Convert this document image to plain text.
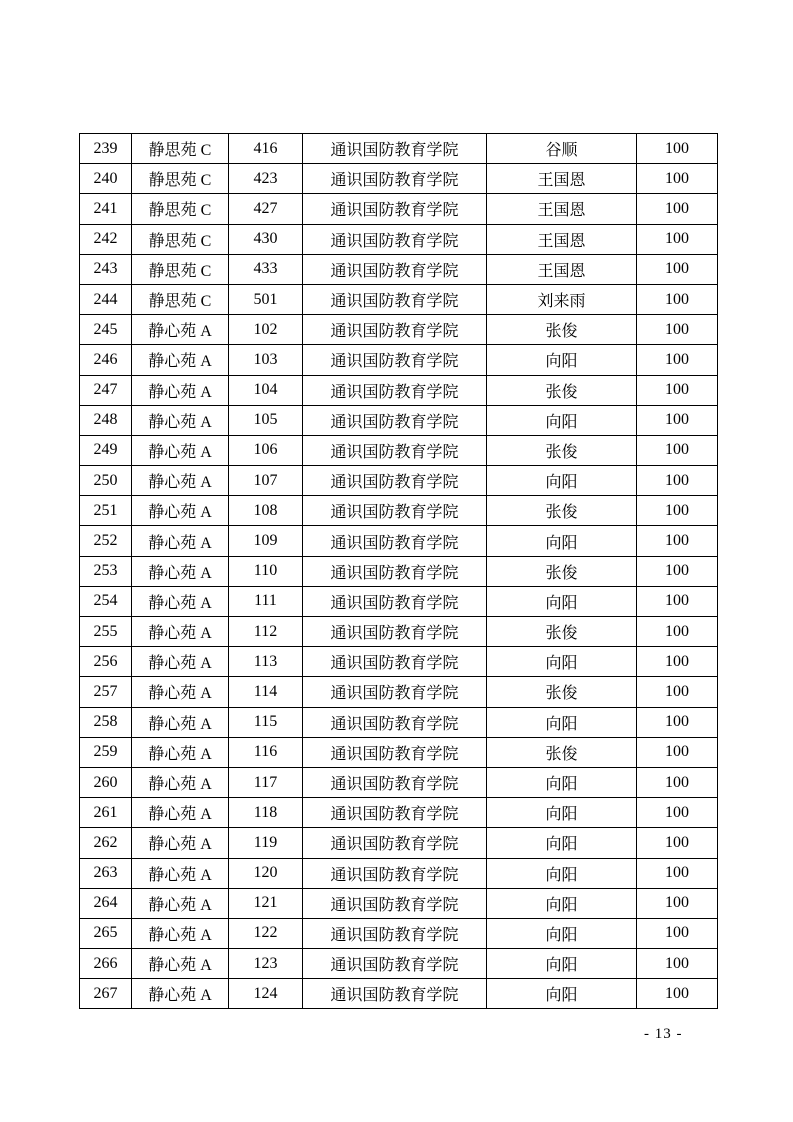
239	静思苑 C	416	通识国防教育学院	谷顺	100
240	静思苑 C	423	通识国防教育学院	王国恩	100
241	静思苑 C	427	通识国防教育学院	王国恩	100
242	静思苑 C	430	通识国防教育学院	王国恩	100
243	静思苑 C	433	通识国防教育学院	王国恩	100
244	静思苑 C	501	通识国防教育学院	刘来雨	100
245	静心苑 A	102	通识国防教育学院	张俊	100
246	静心苑 A	103	通识国防教育学院	向阳	100
247	静心苑 A	104	通识国防教育学院	张俊	100
248	静心苑 A	105	通识国防教育学院	向阳	100
249	静心苑 A	106	通识国防教育学院	张俊	100
250	静心苑 A	107	通识国防教育学院	向阳	100
251	静心苑 A	108	通识国防教育学院	张俊	100
252	静心苑 A	109	通识国防教育学院	向阳	100
253	静心苑 A	110	通识国防教育学院	张俊	100
254	静心苑 A	111	通识国防教育学院	向阳	100
255	静心苑 A	112	通识国防教育学院	张俊	100
256	静心苑 A	113	通识国防教育学院	向阳	100
257	静心苑 A	114	通识国防教育学院	张俊	100
258	静心苑 A	115	通识国防教育学院	向阳	100
259	静心苑 A	116	通识国防教育学院	张俊	100
260	静心苑 A	117	通识国防教育学院	向阳	100
261	静心苑 A	118	通识国防教育学院	向阳	100
262	静心苑 A	119	通识国防教育学院	向阳	100
263	静心苑 A	120	通识国防教育学院	向阳	100
264	静心苑 A	121	通识国防教育学院	向阳	100
265	静心苑 A	122	通识国防教育学院	向阳	100
266	静心苑 A	123	通识国防教育学院	向阳	100
267	静心苑 A	124	通识国防教育学院	向阳	100
- 13 -
